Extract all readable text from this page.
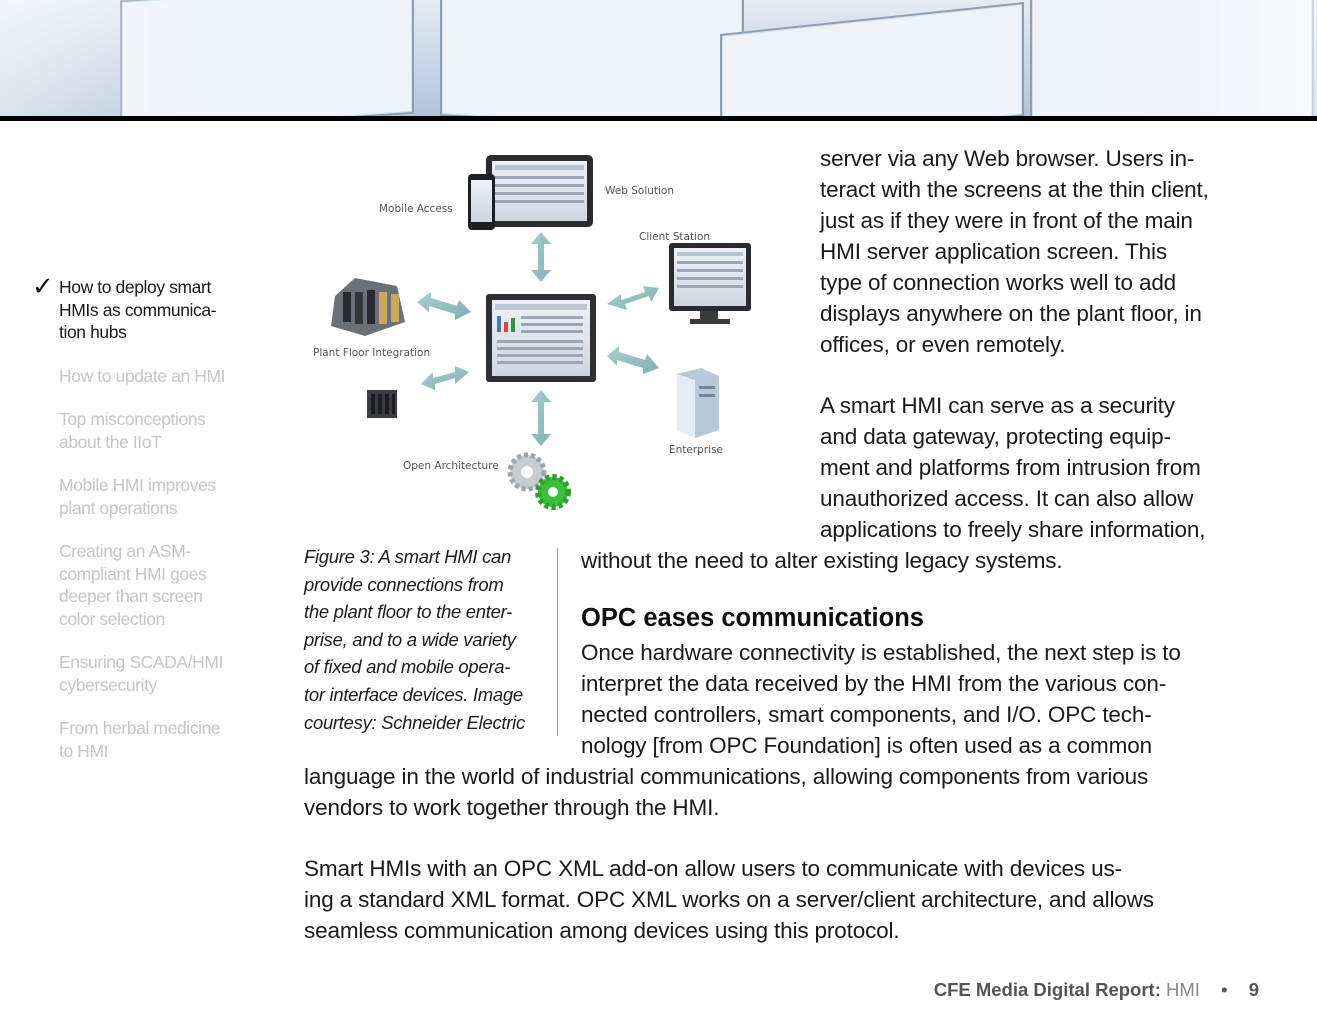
✓ How to deploy smart
HMIs as communica-
tion hubs
How to update an HMI
Top misconceptions
about the IIoT
Mobile HMI improves
plant operations
Creating an ASM-
compliant HMI goes
deeper than screen
color selection
Ensuring SCADA/HMI
cybersecurity
From herbal medicine
to HMI
Mobile Access
Web Solution
Client Station
Plant Floor Integration
Enterprise
Open Architecture
Figure 3: A smart HMI can
provide connections from
the plant floor to the enter-
prise, and to a wide variety
of fixed and mobile opera-
tor interface devices. Image
courtesy: Schneider Electric
server via any Web browser. Users in-
teract with the screens at the thin client,
just as if they were in front of the main
HMI server application screen. This
type of connection works well to add
displays anywhere on the plant floor, in
offices, or even remotely.
A smart HMI can serve as a security
and data gateway, protecting equip-
ment and platforms from intrusion from
unauthorized access. It can also allow
applications to freely share information,
without the need to alter existing legacy systems.
OPC eases communications
Once hardware connectivity is established, the next step is to
interpret the data received by the HMI from the various con-
nected controllers, smart components, and I/O. OPC tech-
nology [from OPC Foundation] is often used as a common
language in the world of industrial communications, allowing components from various
vendors to work together through the HMI.
Smart HMIs with an OPC XML add-on allow users to communicate with devices us-
ing a standard XML format. OPC XML works on a server/client architecture, and allows
seamless communication among devices using this protocol.
CFE Media Digital Report: HMI • 9
